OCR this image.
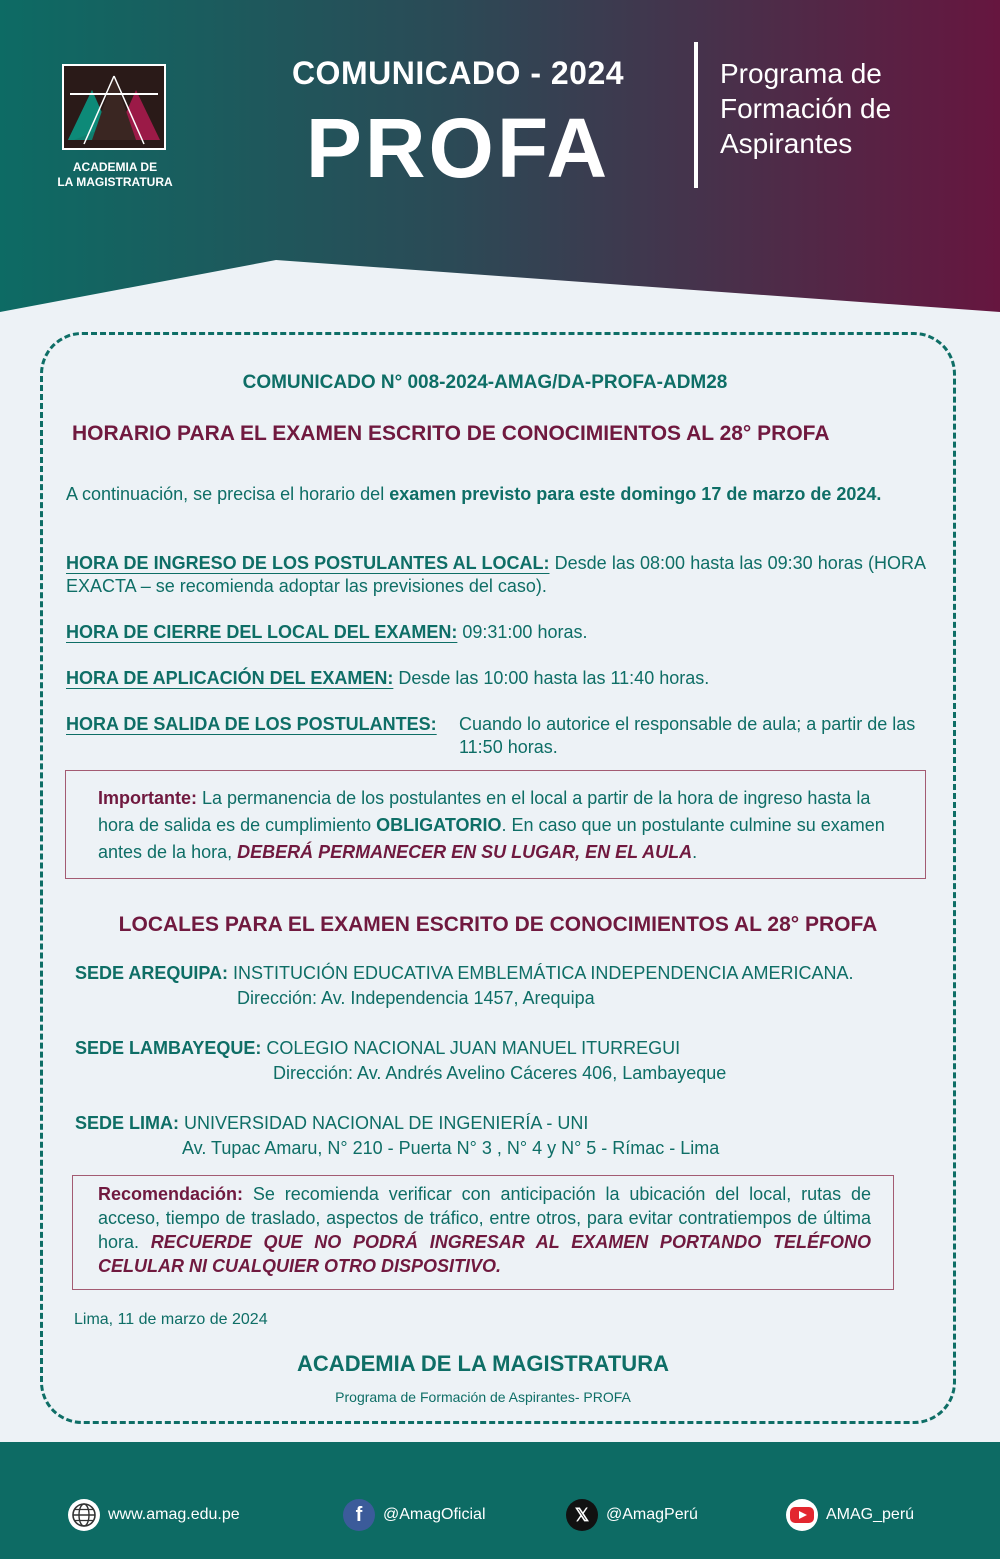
ACADEMIA DE
LA MAGISTRATURA
COMUNICADO - 2024
PROFA
Programa de
Formación de
Aspirantes
COMUNICADO N° 008-2024-AMAG/DA-PROFA-ADM28
HORARIO PARA EL EXAMEN ESCRITO DE CONOCIMIENTOS AL 28° PROFA
A continuación, se precisa el horario del examen previsto para este domingo 17 de marzo de 2024.
HORA DE INGRESO DE LOS POSTULANTES AL LOCAL: Desde las 08:00 hasta las 09:30 horas (HORA EXACTA – se recomienda adoptar las previsiones del caso).
HORA DE CIERRE DEL LOCAL DEL EXAMEN: 09:31:00 horas.
HORA DE APLICACIÓN DEL EXAMEN: Desde las 10:00 hasta las 11:40 horas.
HORA DE SALIDA DE LOS POSTULANTES:	Cuando lo autorice el responsable de aula; a partir de las 11:50 horas.
Importante: La permanencia de los postulantes en el local a partir de la hora de ingreso hasta la hora de salida es de cumplimiento OBLIGATORIO. En caso que un postulante culmine su examen antes de la hora, DEBERÁ PERMANECER EN SU LUGAR, EN EL AULA.
LOCALES PARA EL EXAMEN ESCRITO DE CONOCIMIENTOS AL 28° PROFA
SEDE AREQUIPA: INSTITUCIÓN EDUCATIVA EMBLEMÁTICA INDEPENDENCIA AMERICANA.
Dirección: Av. Independencia 1457, Arequipa
SEDE LAMBAYEQUE: COLEGIO NACIONAL JUAN MANUEL ITURREGUI
Dirección: Av. Andrés Avelino Cáceres 406, Lambayeque
SEDE LIMA: UNIVERSIDAD NACIONAL DE INGENIERÍA - UNI
Av. Tupac Amaru, N° 210 - Puerta N° 3 , N° 4 y N° 5 - Rímac - Lima
Recomendación: Se recomienda verificar con anticipación la ubicación del local, rutas de acceso, tiempo de traslado, aspectos de tráfico, entre otros, para evitar contratiempos de última hora. RECUERDE QUE NO PODRÁ INGRESAR AL EXAMEN PORTANDO TELÉFONO CELULAR NI CUALQUIER OTRO DISPOSITIVO.
Lima, 11 de marzo de 2024
ACADEMIA DE LA MAGISTRATURA
Programa de Formación de Aspirantes- PROFA
www.amag.edu.pe	f	@AmagOficial	𝕏	@AmagPerú	AMAG_perú
